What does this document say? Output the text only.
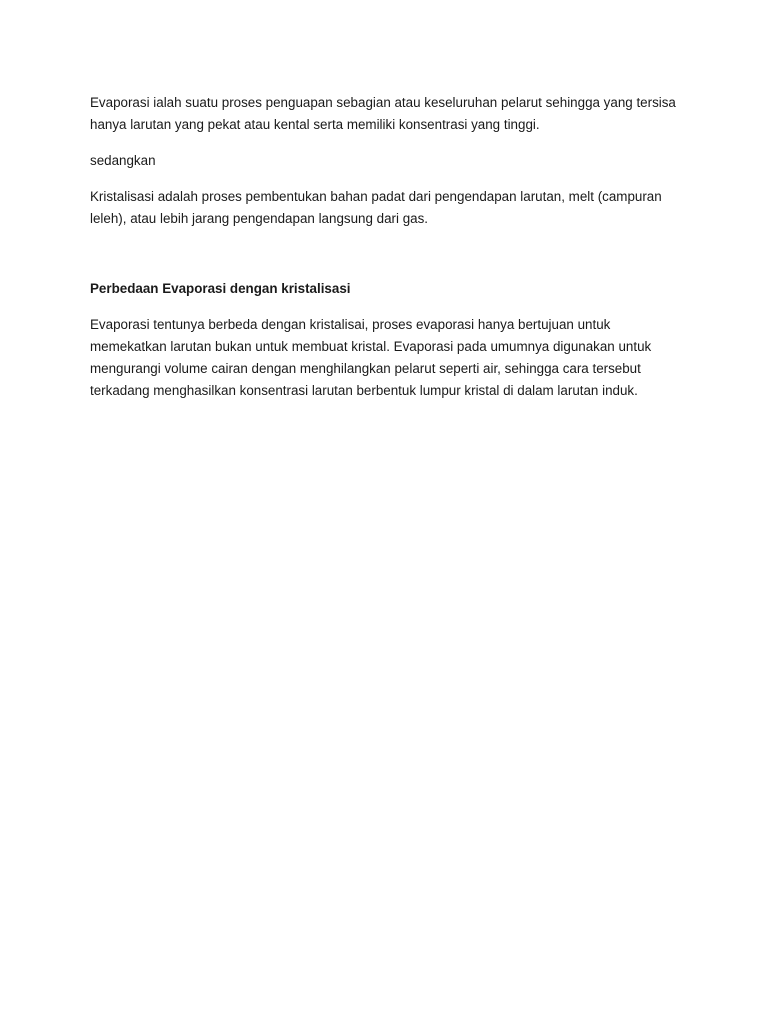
Evaporasi ialah suatu proses penguapan sebagian atau keseluruhan pelarut sehingga yang tersisa hanya larutan yang pekat atau kental serta memiliki konsentrasi yang tinggi.

sedangkan

Kristalisasi adalah proses pembentukan bahan padat dari pengendapan larutan, melt (campuran leleh), atau lebih jarang pengendapan langsung dari gas.

Perbedaan Evaporasi dengan kristalisasi

Evaporasi tentunya berbeda dengan kristalisai, proses evaporasi hanya bertujuan untuk memekatkan larutan bukan untuk membuat kristal. Evaporasi pada umumnya digunakan untuk mengurangi volume cairan dengan menghilangkan pelarut seperti air, sehingga cara tersebut terkadang menghasilkan konsentrasi larutan berbentuk lumpur kristal di dalam larutan induk.
